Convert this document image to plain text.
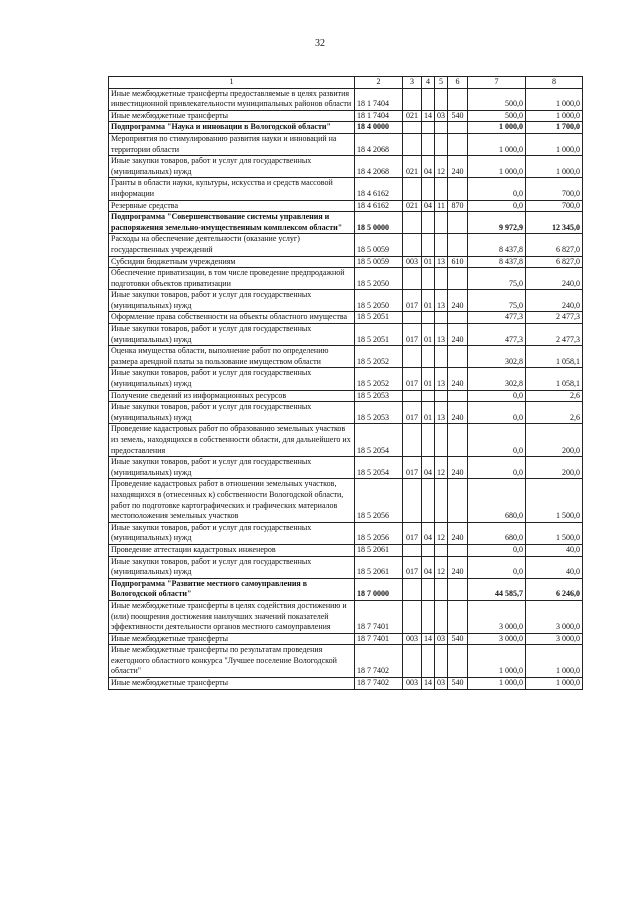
32
1	2	3	4	5	6	7	8
Иные межбюджетные трансферты предоставляемые в целях развития инвестиционной привлекательности муниципальных районов области	18 1 7404					500,0	1 000,0
Иные межбюджетные трансферты	18 1 7404	021	14	03	540	500,0	1 000,0
Подпрограмма "Наука и инновации в Вологодской области"	18 4 0000					1 000,0	1 700,0
Мероприятия по стимулированию развития науки и инноваций на территории области	18 4 2068					1 000,0	1 000,0
Иные закупки товаров, работ и услуг для государственных (муниципальных) нужд	18 4 2068	021	04	12	240	1 000,0	1 000,0
Гранты в области науки, культуры, искусства и средств массовой информации	18 4 6162					0,0	700,0
Резервные средства	18 4 6162	021	04	11	870	0,0	700,0
Подпрограмма "Совершенствование системы управления и распоряжения земельно-имущественным комплексом области"	18 5 0000					9 972,9	12 345,0
Расходы на обеспечение деятельности (оказание услуг) государственных учреждений	18 5 0059					8 437,8	6 827,0
Субсидии бюджетным учреждениям	18 5 0059	003	01	13	610	8 437,8	6 827,0
Обеспечение приватизации, в том числе проведение предпродажной подготовки объектов приватизации	18 5 2050					75,0	240,0
Иные закупки товаров, работ и услуг для государственных (муниципальных) нужд	18 5 2050	017	01	13	240	75,0	240,0
Оформление права собственности на объекты областного имущества	18 5 2051					477,3	2 477,3
Иные закупки товаров, работ и услуг для государственных (муниципальных) нужд	18 5 2051	017	01	13	240	477,3	2 477,3
Оценка имущества области, выполнение работ по определению размера арендной платы за пользование имуществом области	18 5 2052					302,8	1 058,1
Иные закупки товаров, работ и услуг для государственных (муниципальных) нужд	18 5 2052	017	01	13	240	302,8	1 058,1
Получение сведений из информационных ресурсов	18 5 2053					0,0	2,6
Иные закупки товаров, работ и услуг для государственных (муниципальных) нужд	18 5 2053	017	01	13	240	0,0	2,6
Проведение кадастровых работ по образованию земельных участков из земель, находящихся в собственности области, для дальнейшего их предоставления	18 5 2054					0,0	200,0
Иные закупки товаров, работ и услуг для государственных (муниципальных) нужд	18 5 2054	017	04	12	240	0,0	200,0
Проведение кадастровых работ в отношении земельных участков, находящихся в (отнесенных к) собственности Вологодской области, работ по подготовке картографических и графических материалов местоположения земельных участков	18 5 2056					680,0	1 500,0
Иные закупки товаров, работ и услуг для государственных (муниципальных) нужд	18 5 2056	017	04	12	240	680,0	1 500,0
Проведение аттестации кадастровых инженеров	18 5 2061					0,0	40,0
Иные закупки товаров, работ и услуг для государственных (муниципальных) нужд	18 5 2061	017	04	12	240	0,0	40,0
Подпрограмма "Развитие местного самоуправления в Вологодской области"	18 7 0000					44 585,7	6 246,0
Иные межбюджетные трансферты в целях содействия достижению и (или) поощрения достижения наилучших значений показателей эффективности деятельности органов местного самоуправления	18 7 7401					3 000,0	3 000,0
Иные межбюджетные трансферты	18 7 7401	003	14	03	540	3 000,0	3 000,0
Иные межбюджетные трансферты по результатам проведения ежегодного областного конкурса "Лучшее поселение Вологодской области"	18 7 7402					1 000,0	1 000,0
Иные межбюджетные трансферты	18 7 7402	003	14	03	540	1 000,0	1 000,0
